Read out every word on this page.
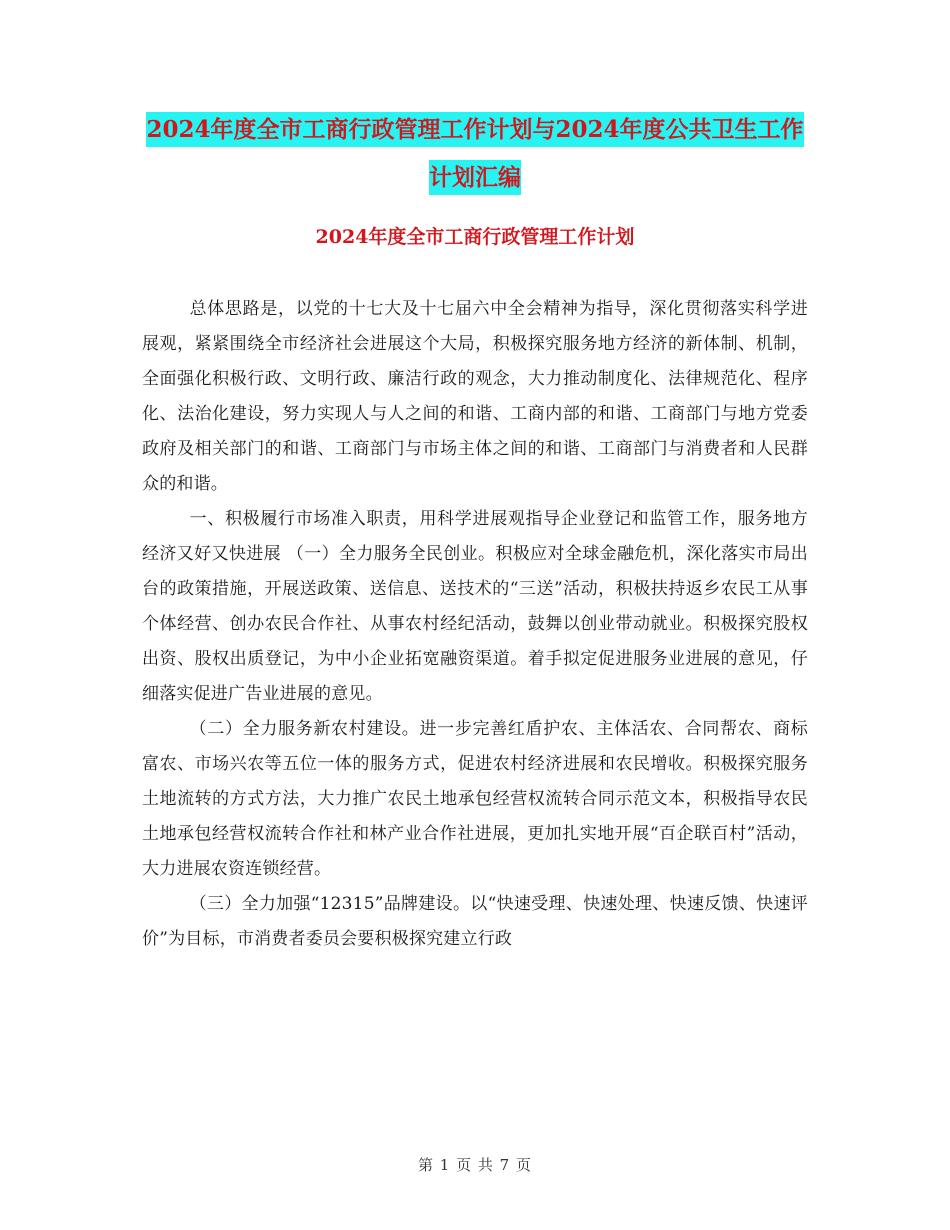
2024年度全市工商行政管理工作计划与2024年度公共卫生工作计划汇编
2024年度全市工商行政管理工作计划

总体思路是，以党的十七大及十七届六中全会精神为指导，深化贯彻落实科学进展观，紧紧围绕全市经济社会进展这个大局，积极探究服务地方经济的新体制、机制，全面强化积极行政、文明行政、廉洁行政的观念，大力推动制度化、法律规范化、程序化、法治化建设，努力实现人与人之间的和谐、工商内部的和谐、工商部门与地方党委政府及相关部门的和谐、工商部门与市场主体之间的和谐、工商部门与消费者和人民群众的和谐。

一、积极履行市场准入职责，用科学进展观指导企业登记和监管工作，服务地方经济又好又快进展 （一）全力服务全民创业。积极应对全球金融危机，深化落实市局出台的政策措施，开展送政策、送信息、送技术的“三送”活动，积极扶持返乡农民工从事个体经营、创办农民合作社、从事农村经纪活动，鼓舞以创业带动就业。积极探究股权出资、股权出质登记，为中小企业拓宽融资渠道。着手拟定促进服务业进展的意见，仔细落实促进广告业进展的意见。

（二）全力服务新农村建设。进一步完善红盾护农、主体活农、合同帮农、商标富农、市场兴农等五位一体的服务方式，促进农村经济进展和农民增收。积极探究服务土地流转的方式方法，大力推广农民土地承包经营权流转合同示范文本，积极指导农民土地承包经营权流转合作社和林产业合作社进展，更加扎实地开展“百企联百村”活动，大力进展农资连锁经营。

（三）全力加强“12315”品牌建设。以“快速受理、快速处理、快速反馈、快速评价”为目标，市消费者委员会要积极探究建立行政

第 1 页 共 7 页
